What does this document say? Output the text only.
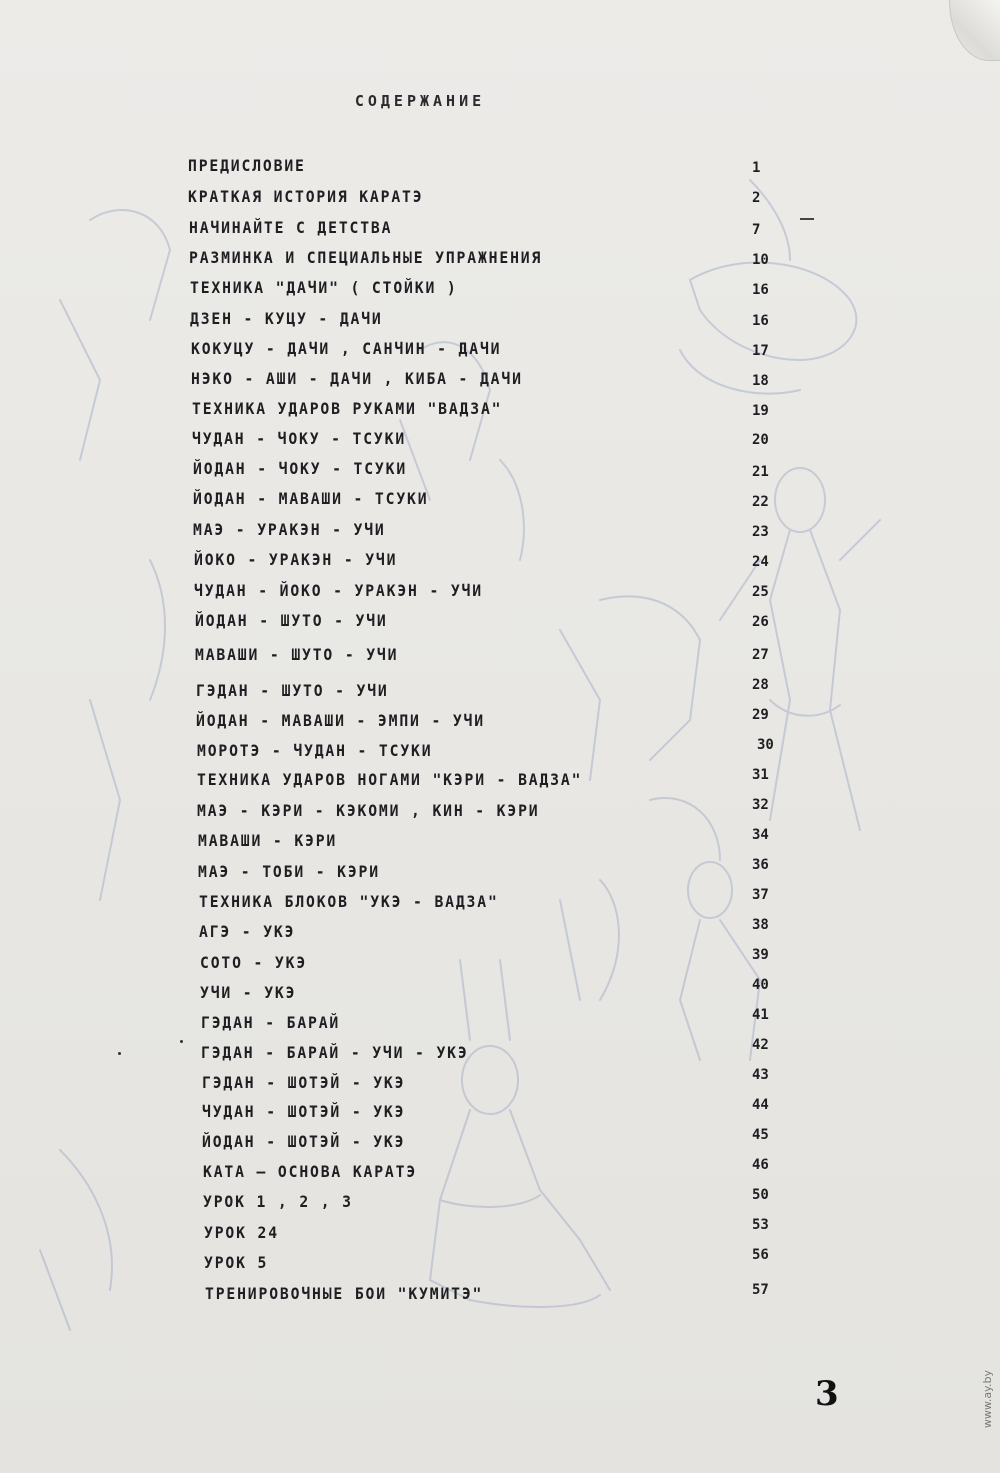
СОДЕРЖАНИЕ
ПРЕДИСЛОВИЕ	1
КРАТКАЯ ИСТОРИЯ КАРАТЭ	2
НАЧИНАЙТЕ С ДЕТСТВА	7
РАЗМИНКА И СПЕЦИАЛЬНЫЕ УПРАЖНЕНИЯ	10
ТЕХНИКА "ДАЧИ" ( СТОЙКИ )	16
ДЗЕН - КУЦУ - ДАЧИ	16
КОКУЦУ - ДАЧИ , САНЧИН - ДАЧИ	17
НЭКО - АШИ - ДАЧИ , КИБА - ДАЧИ	18
ТЕХНИКА УДАРОВ РУКАМИ "ВАДЗА"	19
ЧУДАН - ЧОКУ - ТСУКИ	20
ЙОДАН - ЧОКУ - ТСУКИ	21
ЙОДАН - МАВАШИ - ТСУКИ	22
МАЭ - УРАКЭН - УЧИ	23
ЙОКО - УРАКЭН - УЧИ	24
ЧУДАН - ЙОКО - УРАКЭН - УЧИ	25
ЙОДАН - ШУТО - УЧИ	26
МАВАШИ - ШУТО - УЧИ	27
ГЭДАН - ШУТО - УЧИ	28
ЙОДАН - МАВАШИ - ЭМПИ - УЧИ	29
МОРОТЭ - ЧУДАН - ТСУКИ	30
ТЕХНИКА УДАРОВ НОГАМИ "КЭРИ - ВАДЗА"	31
МАЭ - КЭРИ - КЭКОМИ , КИН - КЭРИ	32
МАВАШИ - КЭРИ	34
МАЭ - ТОБИ - КЭРИ	36
ТЕХНИКА БЛОКОВ "УКЭ - ВАДЗА"	37
АГЭ - УКЭ	38
СОТО - УКЭ	39
УЧИ - УКЭ	40
ГЭДАН - БАРАЙ	41
ГЭДАН - БАРАЙ - УЧИ - УКЭ	42
ГЭДАН - ШОТЭЙ - УКЭ	43
ЧУДАН - ШОТЭЙ - УКЭ	44
ЙОДАН - ШОТЭЙ - УКЭ	45
КАТА — ОСНОВА КАРАТЭ	46
УРОК 1 , 2 , 3	50
УРОК 24	53
УРОК 5	56
ТРЕНИРОВОЧНЫЕ БОИ "КУМИТЭ"	57
3	www.ay.by
